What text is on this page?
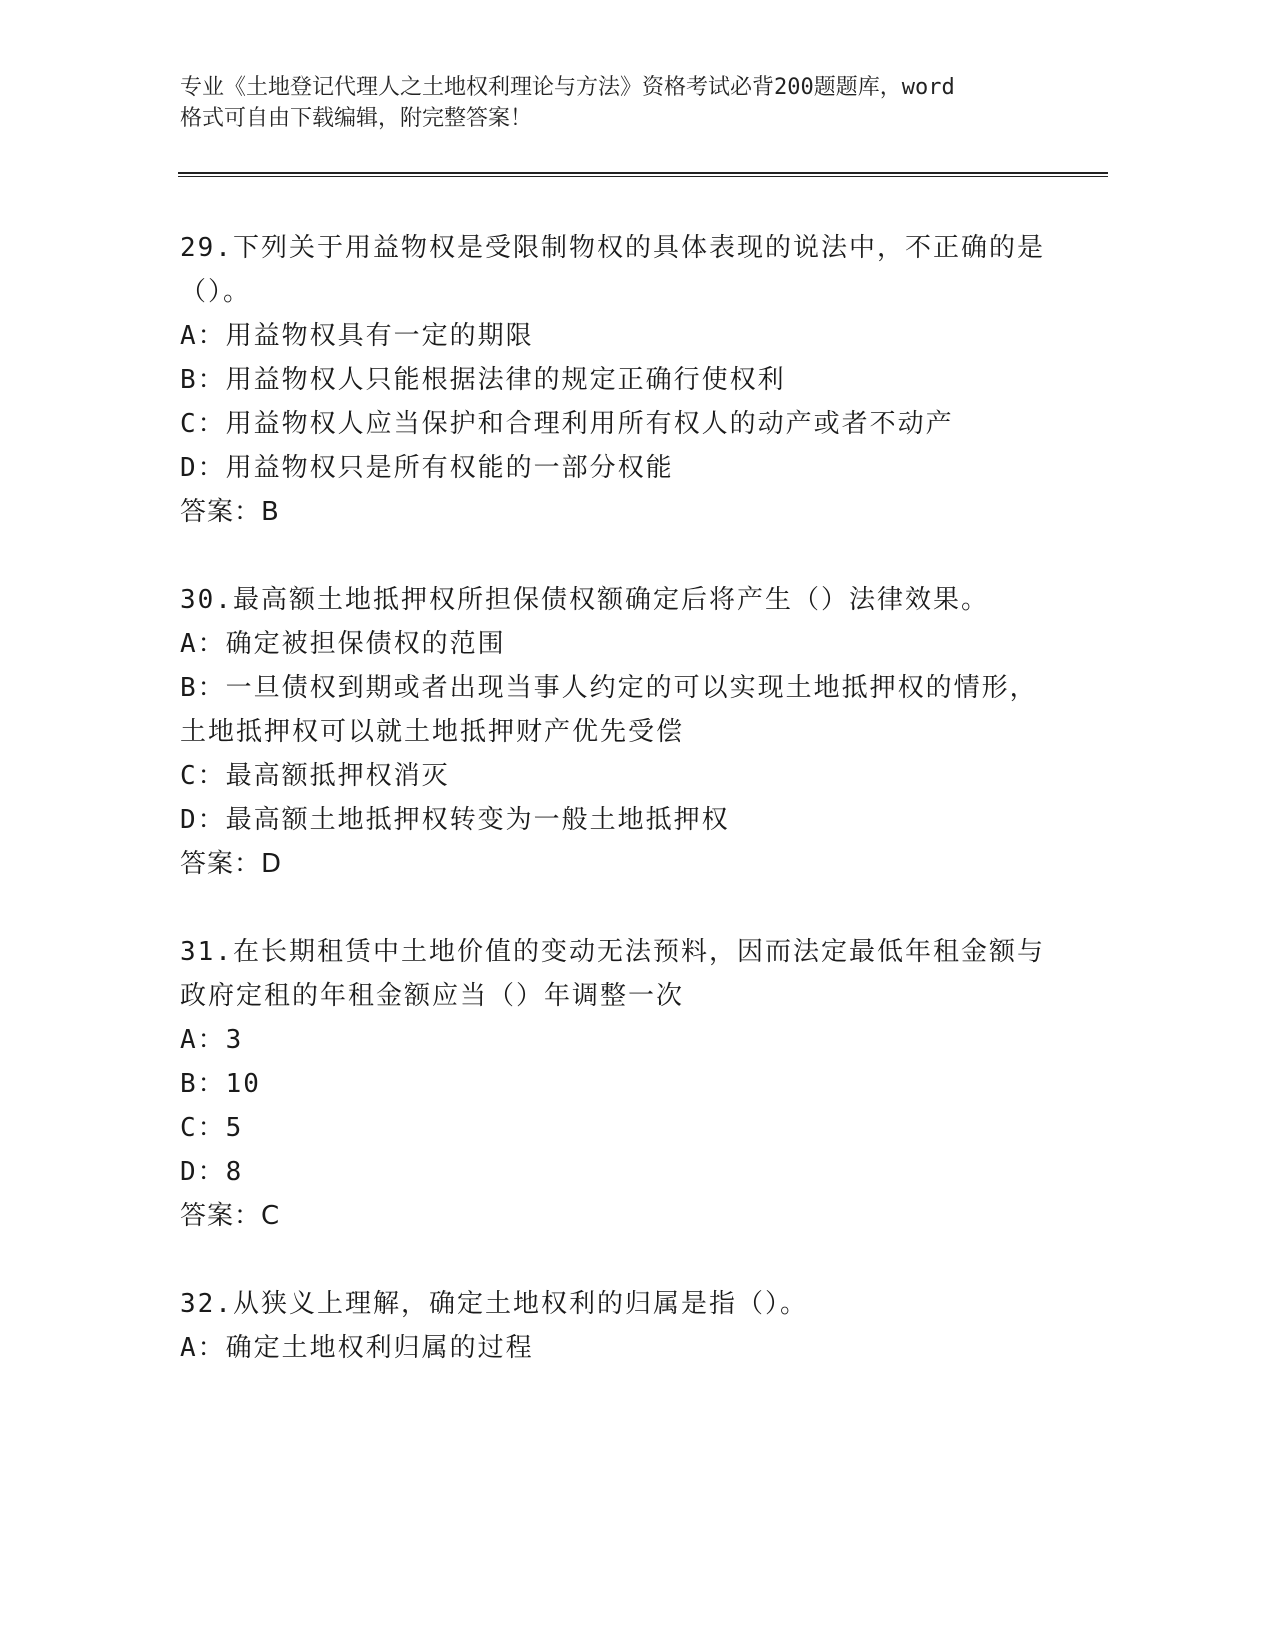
专业《土地登记代理人之土地权利理论与方法》资格考试必背200题题库，word
格式可自由下载编辑，附完整答案！
29.下列关于用益物权是受限制物权的具体表现的说法中，不正确的是
（）。
A：用益物权具有一定的期限
B：用益物权人只能根据法律的规定正确行使权利
C：用益物权人应当保护和合理利用所有权人的动产或者不动产
D：用益物权只是所有权能的一部分权能
答案：B
30.最高额土地抵押权所担保债权额确定后将产生（）法律效果。
A：确定被担保债权的范围
B：一旦债权到期或者出现当事人约定的可以实现土地抵押权的情形，
土地抵押权可以就土地抵押财产优先受偿
C：最高额抵押权消灭
D：最高额土地抵押权转变为一般土地抵押权
答案：D
31.在长期租赁中土地价值的变动无法预料，因而法定最低年租金额与
政府定租的年租金额应当（）年调整一次
A：3
B：10
C：5
D：8
答案：C
32.从狭义上理解，确定土地权利的归属是指（）。
A：确定土地权利归属的过程
